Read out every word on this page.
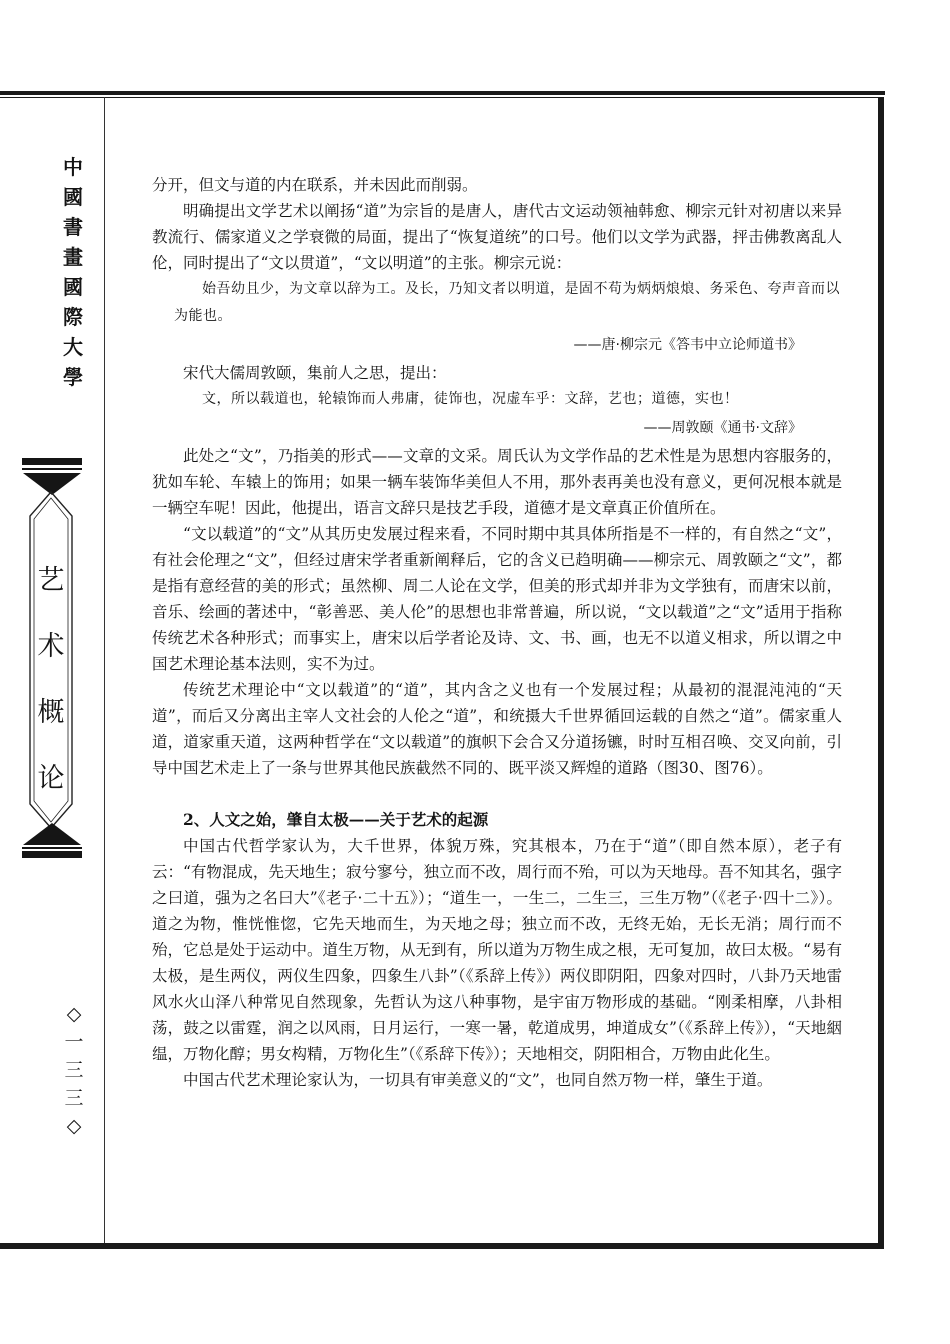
中
國
書
畫
國
際
大
學
艺
术
概
论
◇
一
三
三
◇

分开，但文与道的内在联系，并未因此而削弱。

明确提出文学艺术以阐扬“道”为宗旨的是唐人，唐代古文运动领袖韩愈、柳宗元针对初唐以来异教流行、儒家道义之学衰微的局面，提出了“恢复道统”的口号。他们以文学为武器，抨击佛教离乱人伦，同时提出了“文以贯道”，“文以明道”的主张。柳宗元说：

始吾幼且少，为文章以辞为工。及长，乃知文者以明道，是固不苟为炳炳烺烺、务采色、夸声音而以为能也。

——唐·柳宗元《答韦中立论师道书》

宋代大儒周敦颐，集前人之思，提出：

文，所以载道也，轮辕饰而人弗庸，徒饰也，况虚车乎：文辞，艺也；道德，实也！

——周敦颐《通书·文辞》

此处之“文”，乃指美的形式——文章的文采。周氏认为文学作品的艺术性是为思想内容服务的，犹如车轮、车辕上的饰用；如果一辆车装饰华美但人不用，那外表再美也没有意义，更何况根本就是一辆空车呢！因此，他提出，语言文辞只是技艺手段，道德才是文章真正价值所在。

“文以载道”的“文”从其历史发展过程来看，不同时期中其具体所指是不一样的，有自然之“文”，有社会伦理之“文”，但经过唐宋学者重新阐释后，它的含义已趋明确——柳宗元、周敦颐之“文”，都是指有意经营的美的形式；虽然柳、周二人论在文学，但美的形式却并非为文学独有，而唐宋以前，音乐、绘画的著述中，“彰善恶、美人伦”的思想也非常普遍，所以说，“文以载道”之“文”适用于指称传统艺术各种形式；而事实上，唐宋以后学者论及诗、文、书、画，也无不以道义相求，所以谓之中国艺术理论基本法则，实不为过。

传统艺术理论中“文以载道”的“道”，其内含之义也有一个发展过程；从最初的混混沌沌的“天道”，而后又分离出主宰人文社会的人伦之“道”，和统摄大千世界循回运载的自然之“道”。儒家重人道，道家重天道，这两种哲学在“文以载道”的旗帜下会合又分道扬镳，时时互相召唤、交叉向前，引导中国艺术走上了一条与世界其他民族截然不同的、既平淡又辉煌的道路（图30、图76）。

2、人文之始，肇自太极——关于艺术的起源

中国古代哲学家认为，大千世界，体貌万殊，究其根本，乃在于“道”（即自然本原），老子有云：“有物混成，先天地生；寂兮寥兮，独立而不改，周行而不殆，可以为天地母。吾不知其名，强字之曰道，强为之名曰大”《老子·二十五》）；“道生一，一生二，二生三，三生万物”（《老子·四十二》）。道之为物，惟恍惟惚，它先天地而生，为天地之母；独立而不改，无终无始，无长无消；周行而不殆，它总是处于运动中。道生万物，从无到有，所以道为万物生成之根，无可复加，故曰太极。“易有太极，是生两仪，两仪生四象，四象生八卦”（《系辞上传》）两仪即阴阳，四象对四时，八卦乃天地雷风水火山泽八种常见自然现象，先哲认为这八种事物，是宇宙万物形成的基础。“刚柔相摩，八卦相荡，鼓之以雷霆，润之以风雨，日月运行，一寒一暑，乾道成男，坤道成女”（《系辞上传》），“天地絪缊，万物化醇；男女构精，万物化生”（《系辞下传》）；天地相交，阴阳相合，万物由此化生。

中国古代艺术理论家认为，一切具有审美意义的“文”，也同自然万物一样，肇生于道。
